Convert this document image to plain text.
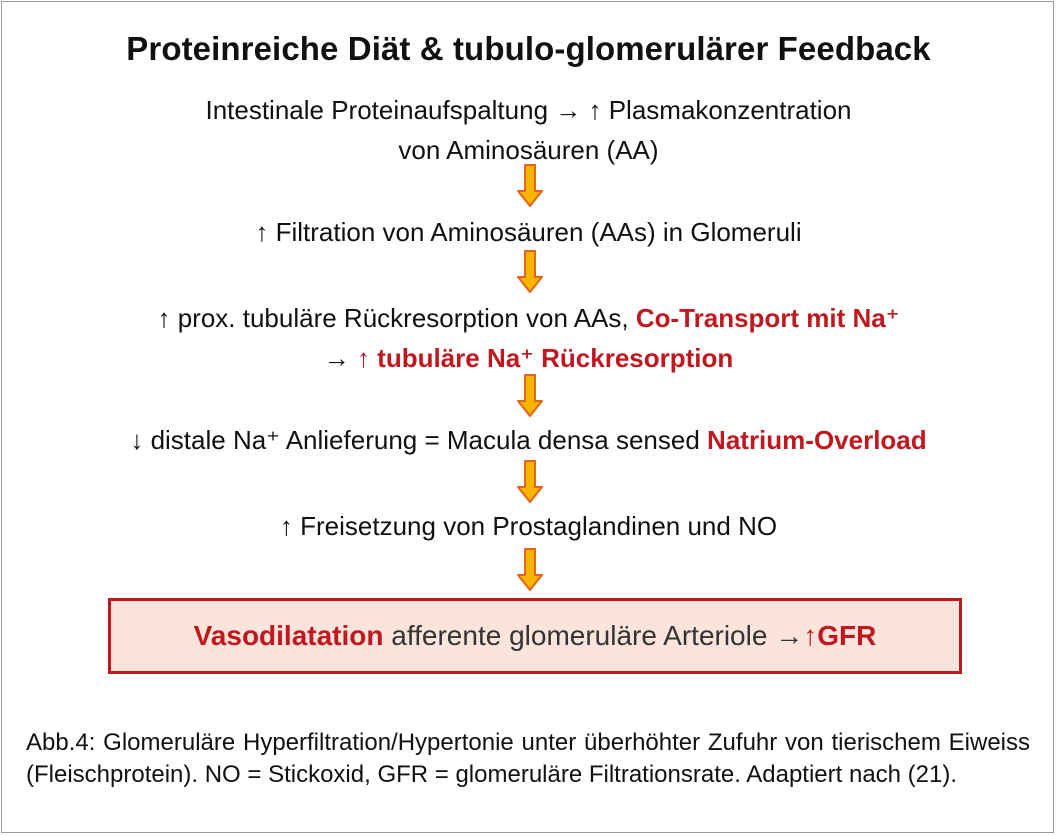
Proteinreiche Diät & tubulo-glomerulärer Feedback
Intestinale Proteinaufspaltung → ↑ Plasmakonzentration
von Aminosäuren (AA)
↑ Filtration von Aminosäuren (AAs) in Glomeruli
↑ prox. tubuläre Rückresorption von AAs, Co-Transport mit Na⁺
→ ↑ tubuläre Na⁺ Rückresorption
↓ distale Na⁺ Anlieferung = Macula densa sensed Natrium-Overload
↑ Freisetzung von Prostaglandinen und NO
Vasodilatation afferente glomeruläre Arteriole →↑GFR
Abb.4: Glomeruläre Hyperfiltration/Hypertonie unter überhöhter Zufuhr von tierischem Eiweiss (Fleischprotein). NO = Stickoxid, GFR = glomeruläre Filtrationsrate. Adaptiert nach (21).
